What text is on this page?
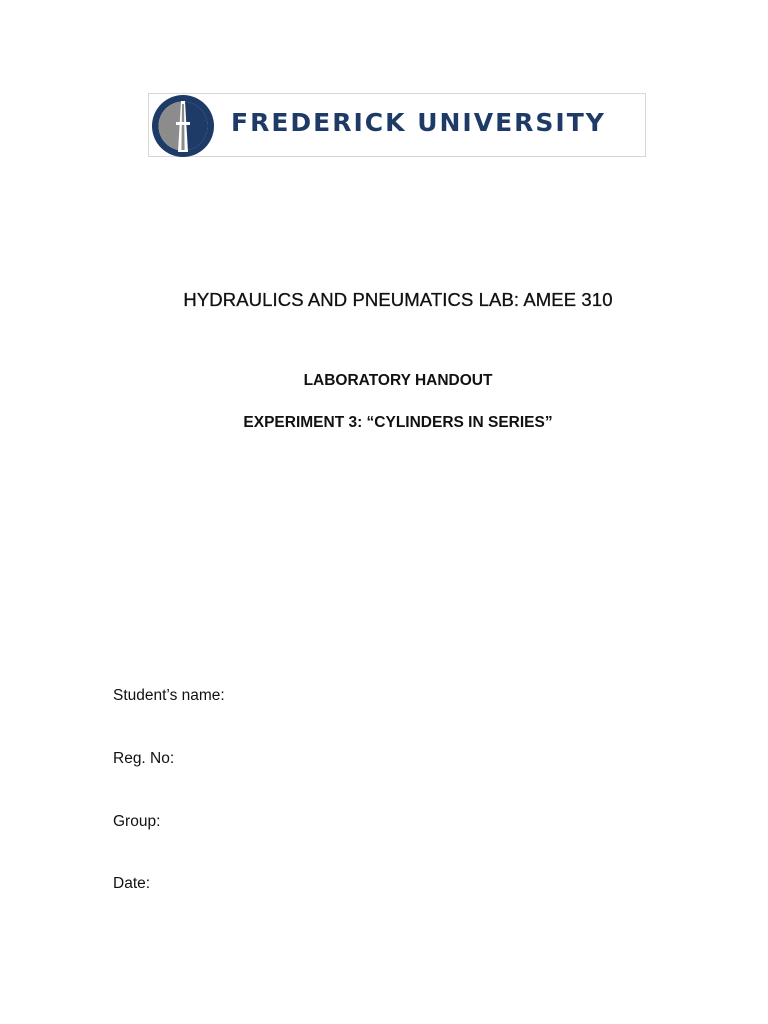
FREDERICK UNIVERSITY
HYDRAULICS AND PNEUMATICS LAB: AMEE 310
LABORATORY HANDOUT
EXPERIMENT 3: “CYLINDERS IN SERIES”
Student’s name:
Reg. No:
Group:
Date:
